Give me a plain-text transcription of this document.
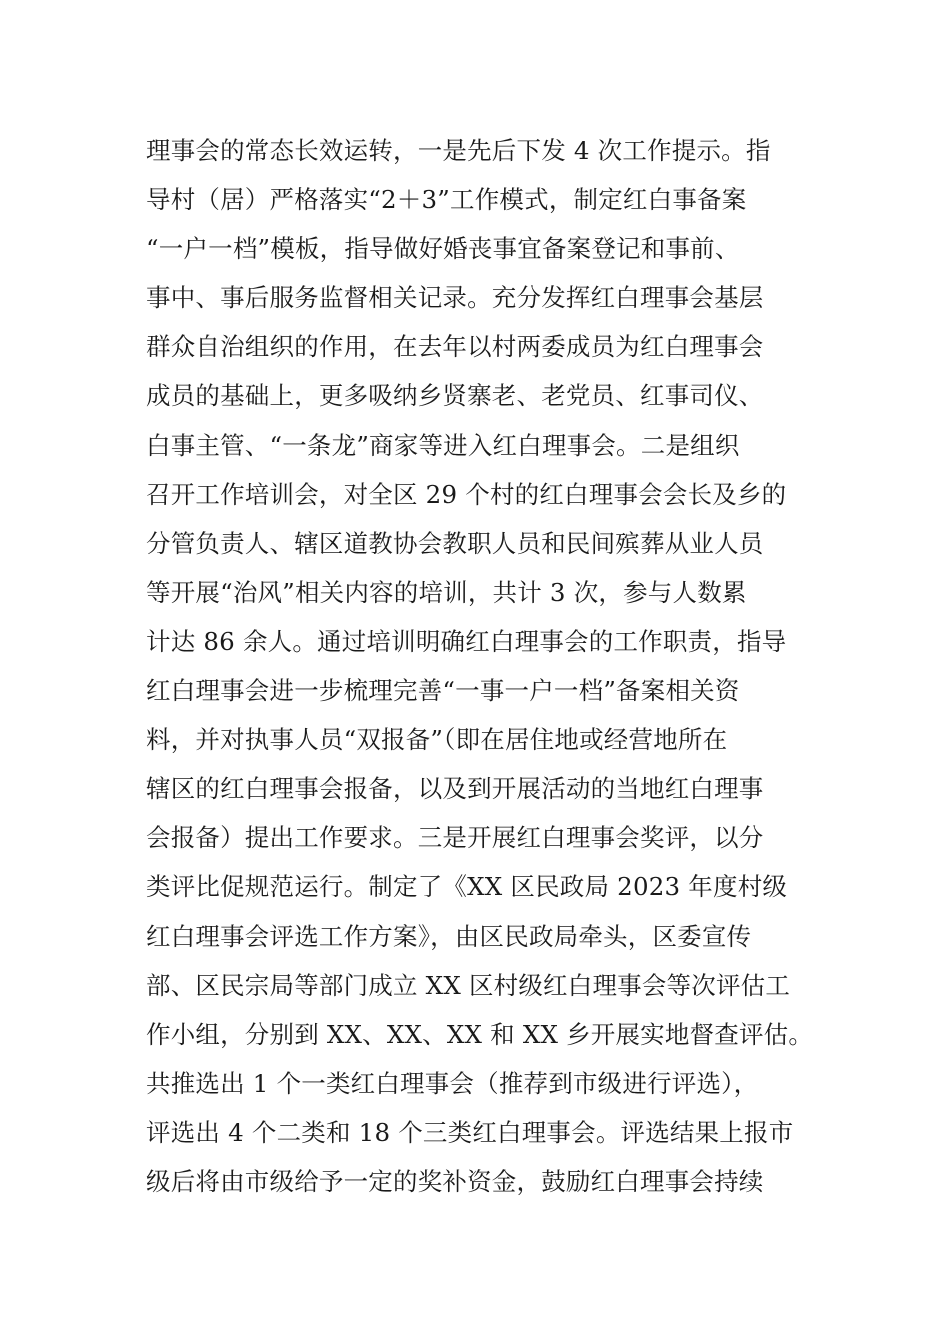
理事会的常态长效运转，一是先后下发 4 次工作提示。指
导村（居）严格落实“2＋3”工作模式，制定红白事备案
“一户一档”模板，指导做好婚丧事宜备案登记和事前、
事中、事后服务监督相关记录。充分发挥红白理事会基层
群众自治组织的作用，在去年以村两委成员为红白理事会
成员的基础上，更多吸纳乡贤寨老、老党员、红事司仪、
白事主管、“一条龙”商家等进入红白理事会。二是组织
召开工作培训会，对全区 29 个村的红白理事会会长及乡的
分管负责人、辖区道教协会教职人员和民间殡葬从业人员
等开展“治风”相关内容的培训，共计 3 次，参与人数累
计达 86 余人。通过培训明确红白理事会的工作职责，指导
红白理事会进一步梳理完善“一事一户一档”备案相关资
料，并对执事人员“双报备”（即在居住地或经营地所在
辖区的红白理事会报备，以及到开展活动的当地红白理事
会报备）提出工作要求。三是开展红白理事会奖评，以分
类评比促规范运行。制定了《XX 区民政局 2023 年度村级
红白理事会评选工作方案》，由区民政局牵头，区委宣传
部、区民宗局等部门成立 XX 区村级红白理事会等次评估工
作小组，分别到 XX、XX、XX 和 XX 乡开展实地督查评估。
共推选出 1 个一类红白理事会（推荐到市级进行评选），
评选出 4 个二类和 18 个三类红白理事会。评选结果上报市
级后将由市级给予一定的奖补资金，鼓励红白理事会持续
